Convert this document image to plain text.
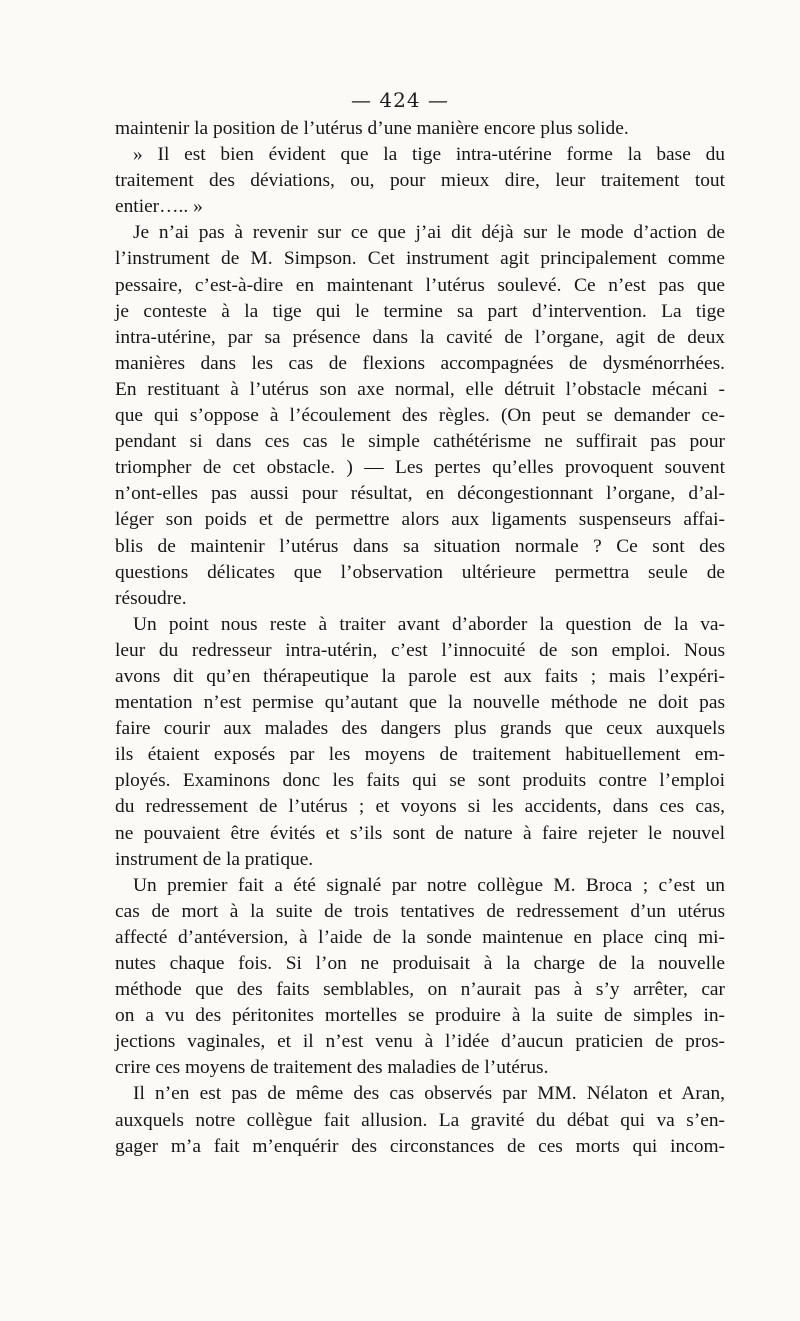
— 424 —
maintenir la position de l’utérus d’une manière encore plus solide.
» Il est bien évident que la tige intra-utérine forme la base du
traitement des déviations, ou, pour mieux dire, leur traitement tout
entier….. »
Je n’ai pas à revenir sur ce que j’ai dit déjà sur le mode d’action de
l’instrument de M. Simpson. Cet instrument agit principalement comme
pessaire, c’est-à-dire en maintenant l’utérus soulevé. Ce n’est pas que
je conteste à la tige qui le termine sa part d’intervention. La tige
intra-utérine, par sa présence dans la cavité de l’organe, agit de deux
manières dans les cas de flexions accompagnées de dysménorrhées.
En restituant à l’utérus son axe normal, elle détruit l’obstacle mécani -
que qui s’oppose à l’écoulement des règles. (On peut se demander ce-
pendant si dans ces cas le simple cathétérisme ne suffirait pas pour
triompher de cet obstacle. ) — Les pertes qu’elles provoquent souvent
n’ont-elles pas aussi pour résultat, en décongestionnant l’organe, d’al-
léger son poids et de permettre alors aux ligaments suspenseurs affai-
blis de maintenir l’utérus dans sa situation normale ? Ce sont des
questions délicates que l’observation ultérieure permettra seule de
résoudre.
Un point nous reste à traiter avant d’aborder la question de la va-
leur du redresseur intra-utérin, c’est l’innocuité de son emploi. Nous
avons dit qu’en thérapeutique la parole est aux faits ; mais l’expéri-
mentation n’est permise qu’autant que la nouvelle méthode ne doit pas
faire courir aux malades des dangers plus grands que ceux auxquels
ils étaient exposés par les moyens de traitement habituellement em-
ployés. Examinons donc les faits qui se sont produits contre l’emploi
du redressement de l’utérus ; et voyons si les accidents, dans ces cas,
ne pouvaient être évités et s’ils sont de nature à faire rejeter le nouvel
instrument de la pratique.
Un premier fait a été signalé par notre collègue M. Broca ; c’est un
cas de mort à la suite de trois tentatives de redressement d’un utérus
affecté d’antéversion, à l’aide de la sonde maintenue en place cinq mi-
nutes chaque fois. Si l’on ne produisait à la charge de la nouvelle
méthode que des faits semblables, on n’aurait pas à s’y arrêter, car
on a vu des péritonites mortelles se produire à la suite de simples in-
jections vaginales, et il n’est venu à l’idée d’aucun praticien de pros-
crire ces moyens de traitement des maladies de l’utérus.
Il n’en est pas de même des cas observés par MM. Nélaton et Aran,
auxquels notre collègue fait allusion. La gravité du débat qui va s’en-
gager m’a fait m’enquérir des circonstances de ces morts qui incom-
